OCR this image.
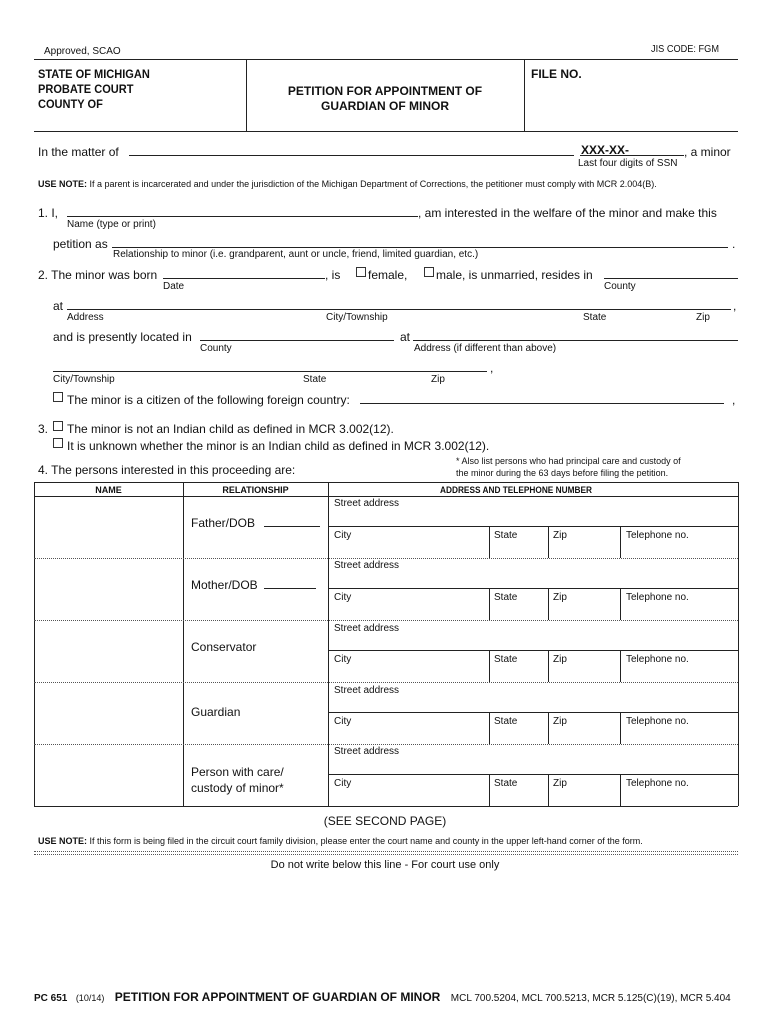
Approved, SCAO	JIS CODE: FGM
STATE OF MICHIGAN
PROBATE COURT
COUNTY OF
PETITION FOR APPOINTMENT OF
GUARDIAN OF MINOR
FILE NO.
In the matter of	XXX-XX-	, a minor
Last four digits of SSN
USE NOTE: If a parent is incarcerated and under the jurisdiction of the Michigan Department of Corrections, the petitioner must comply with MCR 2.004(B).
1. I,	, am interested in the welfare of the minor and make this
Name (type or print)
petition as	.
Relationship to minor (i.e. grandparent, aunt or uncle, friend, limited guardian, etc.)
2. The minor was born	, is female, male, is unmarried, resides in
Date	County
at	,
Address	City/Township	State	Zip
and is presently located in	at
County	Address (if different than above)
,
City/Township	State	Zip
The minor is a citizen of the following foreign country:	,
3. The minor is not an Indian child as defined in MCR 3.002(12).
It is unknown whether the minor is an Indian child as defined in MCR 3.002(12).
4. The persons interested in this proceeding are:
* Also list persons who had principal care and custody of
the minor during the 63 days before filing the petition.
NAME	RELATIONSHIP	ADDRESS AND TELEPHONE NUMBER
Father/DOB
Street address
City	State	Zip	Telephone no.
Mother/DOB
Street address
City	State	Zip	Telephone no.
Conservator
Street address
City	State	Zip	Telephone no.
Guardian
Street address
City	State	Zip	Telephone no.
Person with care/
custody of minor*
Street address
City	State	Zip	Telephone no.
(SEE SECOND PAGE)
USE NOTE: If this form is being filed in the circuit court family division, please enter the court name and county in the upper left-hand corner of the form.
Do not write below this line - For court use only
PC 651 (10/14) PETITION FOR APPOINTMENT OF GUARDIAN OF MINOR MCL 700.5204, MCL 700.5213, MCR 5.125(C)(19), MCR 5.404
